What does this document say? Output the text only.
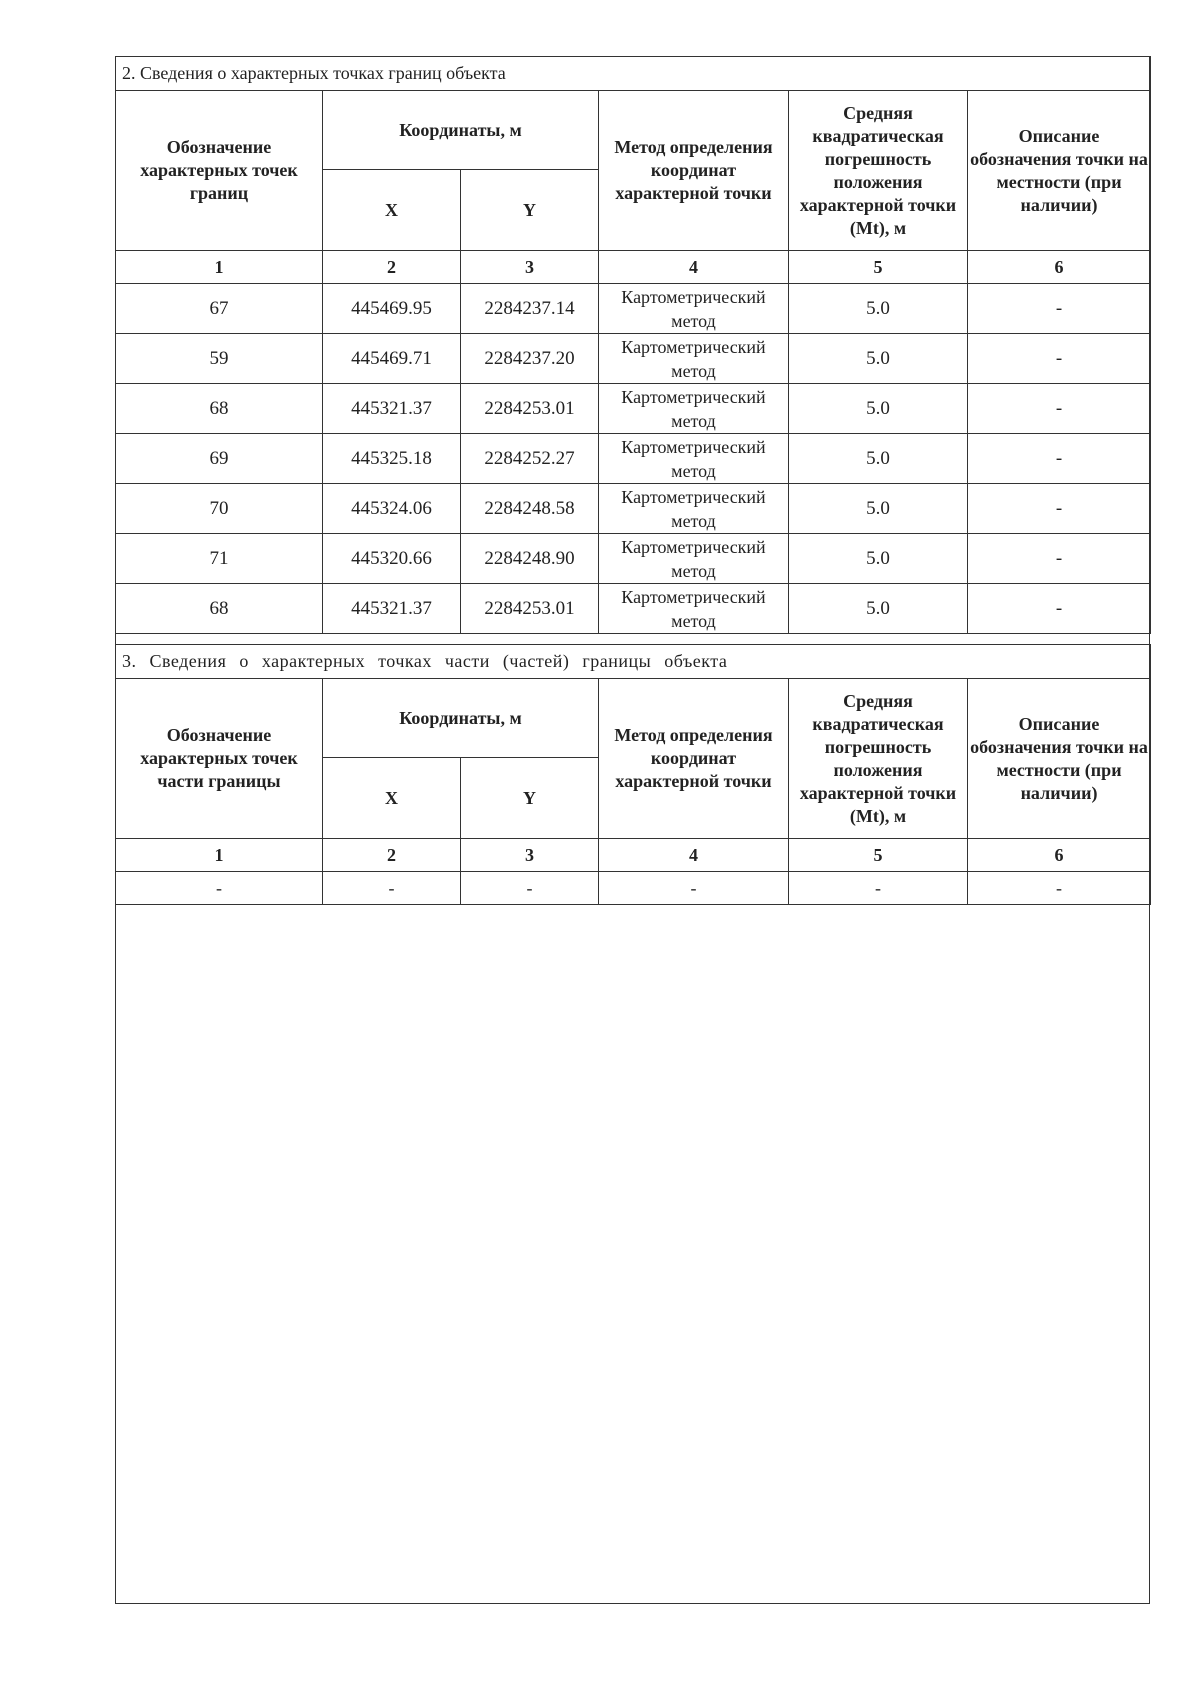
2. Сведения о характерных точках границ объекта					
Обозначение характерных точек границ	Координаты, м		Метод определения координат характерной точки	Средняя квадратическая погрешность положения характерной точки (Mt), м	Описание обозначения точки на местности (при наличии)
	X	Y			
1	2	3	4	5	6
67	445469.95	2284237.14	Картометрический метод	5.0	-
59	445469.71	2284237.20	Картометрический метод	5.0	-
68	445321.37	2284253.01	Картометрический метод	5.0	-
69	445325.18	2284252.27	Картометрический метод	5.0	-
70	445324.06	2284248.58	Картометрический метод	5.0	-
71	445320.66	2284248.90	Картометрический метод	5.0	-
68	445321.37	2284253.01	Картометрический метод	5.0	-
3. Сведения о характерных точках части (частей) границы объекта					
Обозначение характерных точек части границы	Координаты, м		Метод определения координат характерной точки	Средняя квадратическая погрешность положения характерной точки (Mt), м	Описание обозначения точки на местности (при наличии)
	X	Y			
1	2	3	4	5	6
-	-	-	-	-	-
